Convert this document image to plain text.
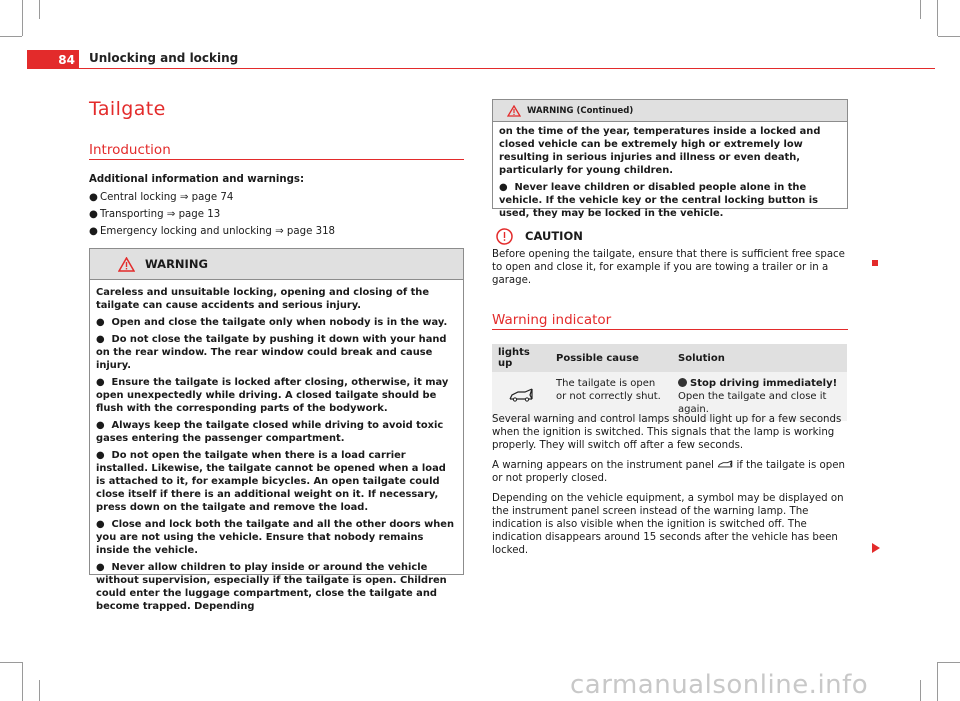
84	Unlocking and locking
Tailgate
Introduction
Additional information and warnings:
● Central locking ⇒ page 74
● Transporting ⇒ page 13
● Emergency locking and unlocking ⇒ page 318
WARNING

Careless and unsuitable locking, opening and closing of the tailgate can cause accidents and serious injury.

●  Open and close the tailgate only when nobody is in the way.

●  Do not close the tailgate by pushing it down with your hand on the rear window. The rear window could break and cause injury.

●  Ensure the tailgate is locked after closing, otherwise, it may open unexpectedly while driving. A closed tailgate should be flush with the corresponding parts of the bodywork.

●  Always keep the tailgate closed while driving to avoid toxic gases entering the passenger compartment.

●  Do not open the tailgate when there is a load carrier installed. Likewise, the tailgate cannot be opened when a load is attached to it, for example bicycles. An open tailgate could close itself if there is an additional weight on it. If necessary, press down on the tailgate and remove the load.

●  Close and lock both the tailgate and all the other doors when you are not using the vehicle. Ensure that nobody remains inside the vehicle.

●  Never allow children to play inside or around the vehicle without supervision, especially if the tailgate is open. Children could enter the luggage compartment, close the tailgate and become trapped. Depending

WARNING (Continued)

on the time of the year, temperatures inside a locked and closed vehicle can be extremely high or extremely low resulting in serious injuries and illness or even death, particularly for young children.

●  Never leave children or disabled people alone in the vehicle. If the vehicle key or the central locking button is used, they may be locked in the vehicle.

CAUTION
Before opening the tailgate, ensure that there is sufficient free space to open and close it, for example if you are towing a trailer or in a garage.
Warning indicator
lights up	Possible cause	Solution
	The tailgate is open or not correctly shut.	Stop driving immediately!
Open the tailgate and close it again.

Several warning and control lamps should light up for a few seconds when the ignition is switched. This signals that the lamp is working properly. They will switch off after a few seconds.

A warning appears on the instrument panel if the tailgate is open or not properly closed.

Depending on the vehicle equipment, a symbol may be displayed on the instrument panel screen instead of the warning lamp. The indication is also visible when the ignition is switched off. The indication disappears around 15 seconds after the vehicle has been locked.

carmanualsonline.info
